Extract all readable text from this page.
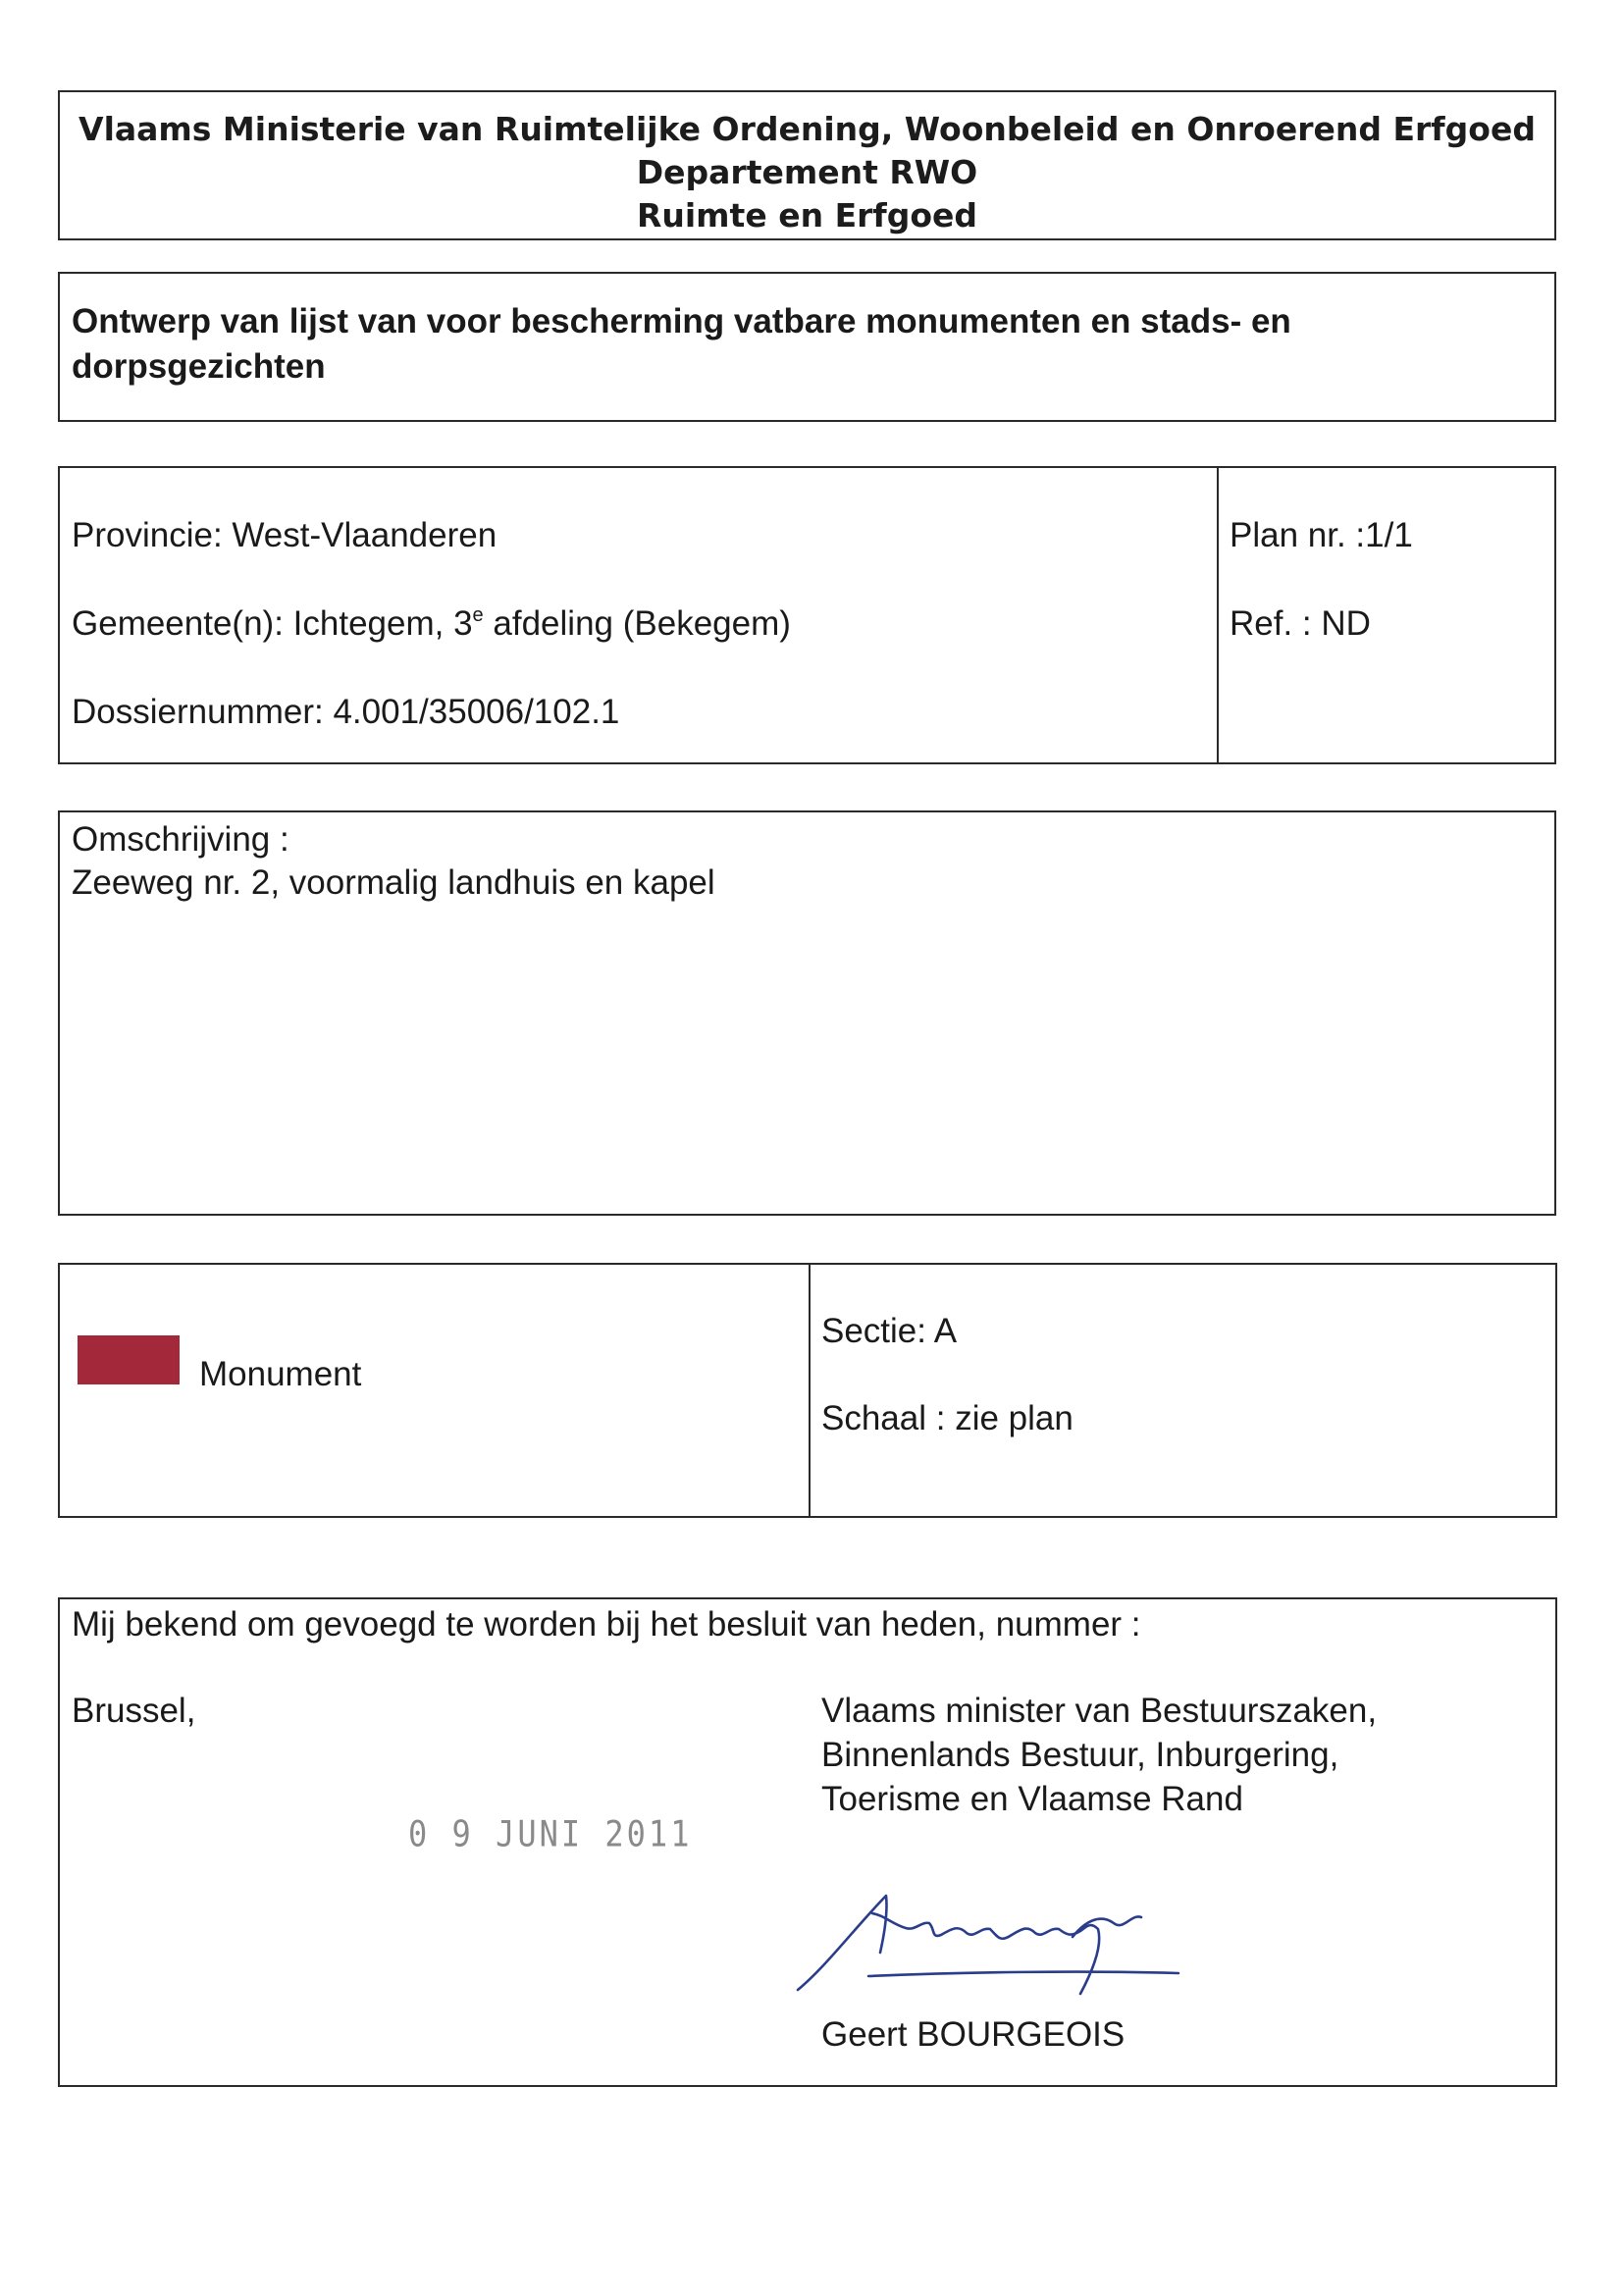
Vlaams Ministerie van Ruimtelijke Ordening, Woonbeleid en Onroerend Erfgoed
Departement RWO
Ruimte en Erfgoed
Ontwerp van lijst van voor bescherming vatbare monumenten en stads- en dorpsgezichten
Provincie: West-Vlaanderen
Gemeente(n): Ichtegem, 3e afdeling (Bekegem)
Dossiernummer: 4.001/35006/102.1
Plan nr. :1/1
Ref. : ND
Omschrijving :
Zeeweg nr. 2, voormalig landhuis en kapel
Monument
Sectie: A
Schaal : zie plan
Mij bekend om gevoegd te worden bij het besluit van heden, nummer :
Brussel,
0 9 JUNI 2011
Vlaams minister van Bestuurszaken,
Binnenlands Bestuur, Inburgering,
Toerisme en Vlaamse Rand
Geert BOURGEOIS
